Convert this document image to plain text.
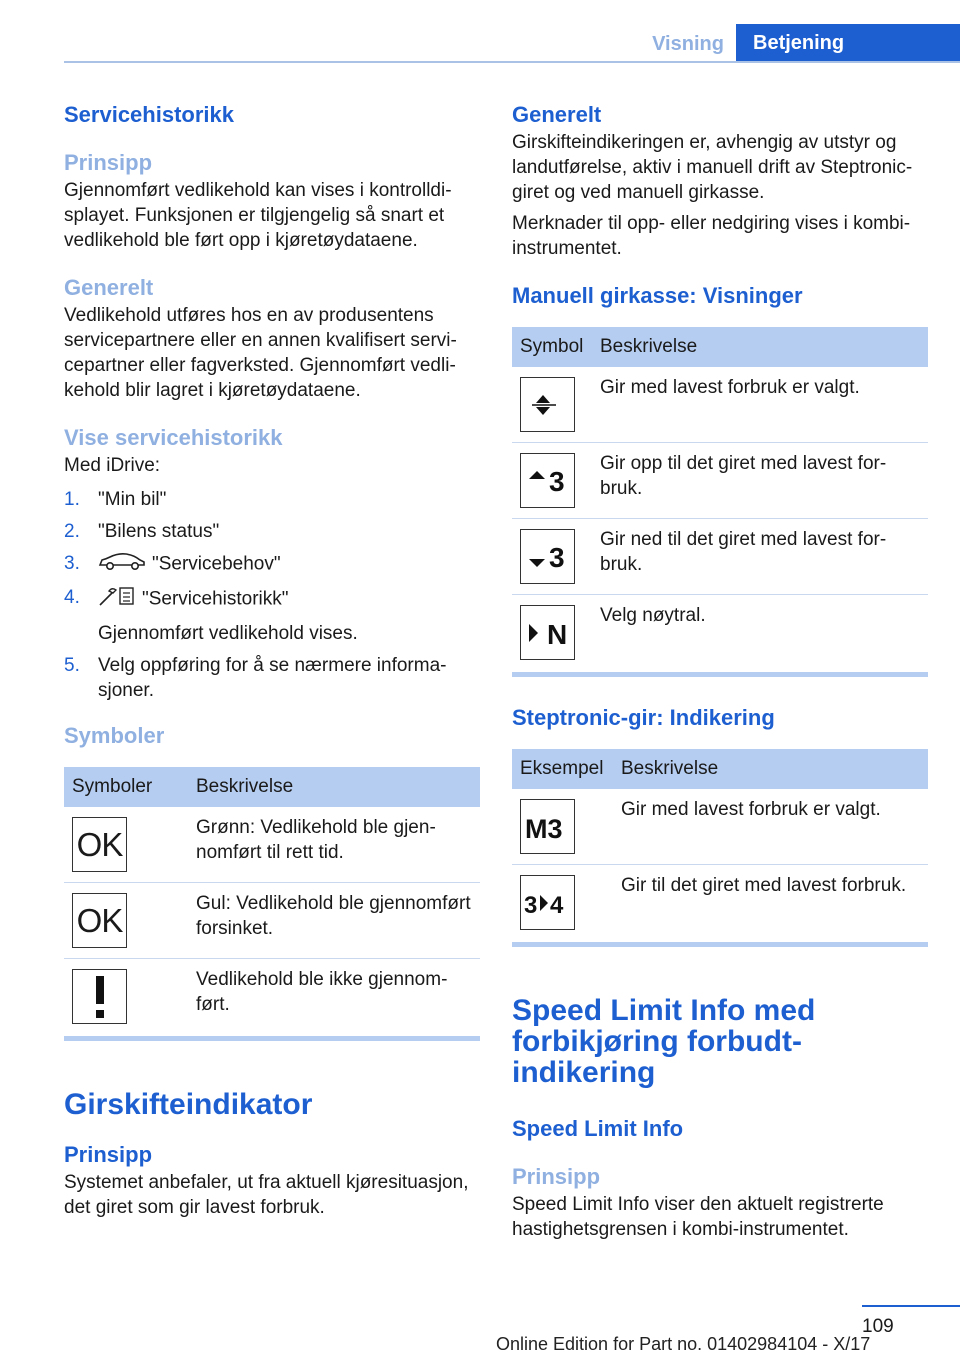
Visning	Betjening
Servicehistorikk
Prinsipp

Gjennomført vedlikehold kan vises i kontrolldisplayet. Funksjonen er tilgjengelig så snart et vedlikehold ble ført opp i kjøretøydataene.

Generelt

Vedlikehold utføres hos en av produsentens servicepartnere eller en annen kvalifisert servicepartner eller fagverksted. Gjennomført vedlikehold blir lagret i kjøretøydataene.

Vise servicehistorikk

Med iDrive:

1. "Min bil"
2. "Bilens status"
3.	"Servicebehov"
4.	"Servicehistorikk"
Gjennomført vedlikehold vises.
5. Velg oppføring for å se nærmere informasjoner.
Symboler
Symboler	Beskrivelse

OK	Grønn: Vedlikehold ble gjennomført til rett tid.

OK	Gul: Vedlikehold ble gjennomført forsinket.

	Vedlikehold ble ikke gjennomført.
Girskifteindikator
Prinsipp

Systemet anbefaler, ut fra aktuell kjøresituasjon, det giret som gir lavest forbruk.

Generelt

Girskifteindikeringen er, avhengig av utstyr og landutførelse, aktiv i manuell drift av Steptronic-giret og ved manuell girkasse.

Merknader til opp- eller nedgiring vises i kombi-instrumentet.

Manuell girkasse: Visninger
Symbol	Beskrivelse

	Gir med lavest forbruk er valgt.

3	Gir opp til det giret med lavest forbruk.

3	Gir ned til det giret med lavest forbruk.

N	Velg nøytral.
Steptronic-gir: Indikering
Eksempel	Beskrivelse

M3	Gir med lavest forbruk er valgt.

3 4	Gir til det giret med lavest forbruk.
Speed Limit Info med forbikjøring forbudt-indikering
Speed Limit Info
Prinsipp

Speed Limit Info viser den aktuelt registrerte hastighetsgrensen i kombi-instrumentet.

109
Online Edition for Part no. 01402984104 - X/17
